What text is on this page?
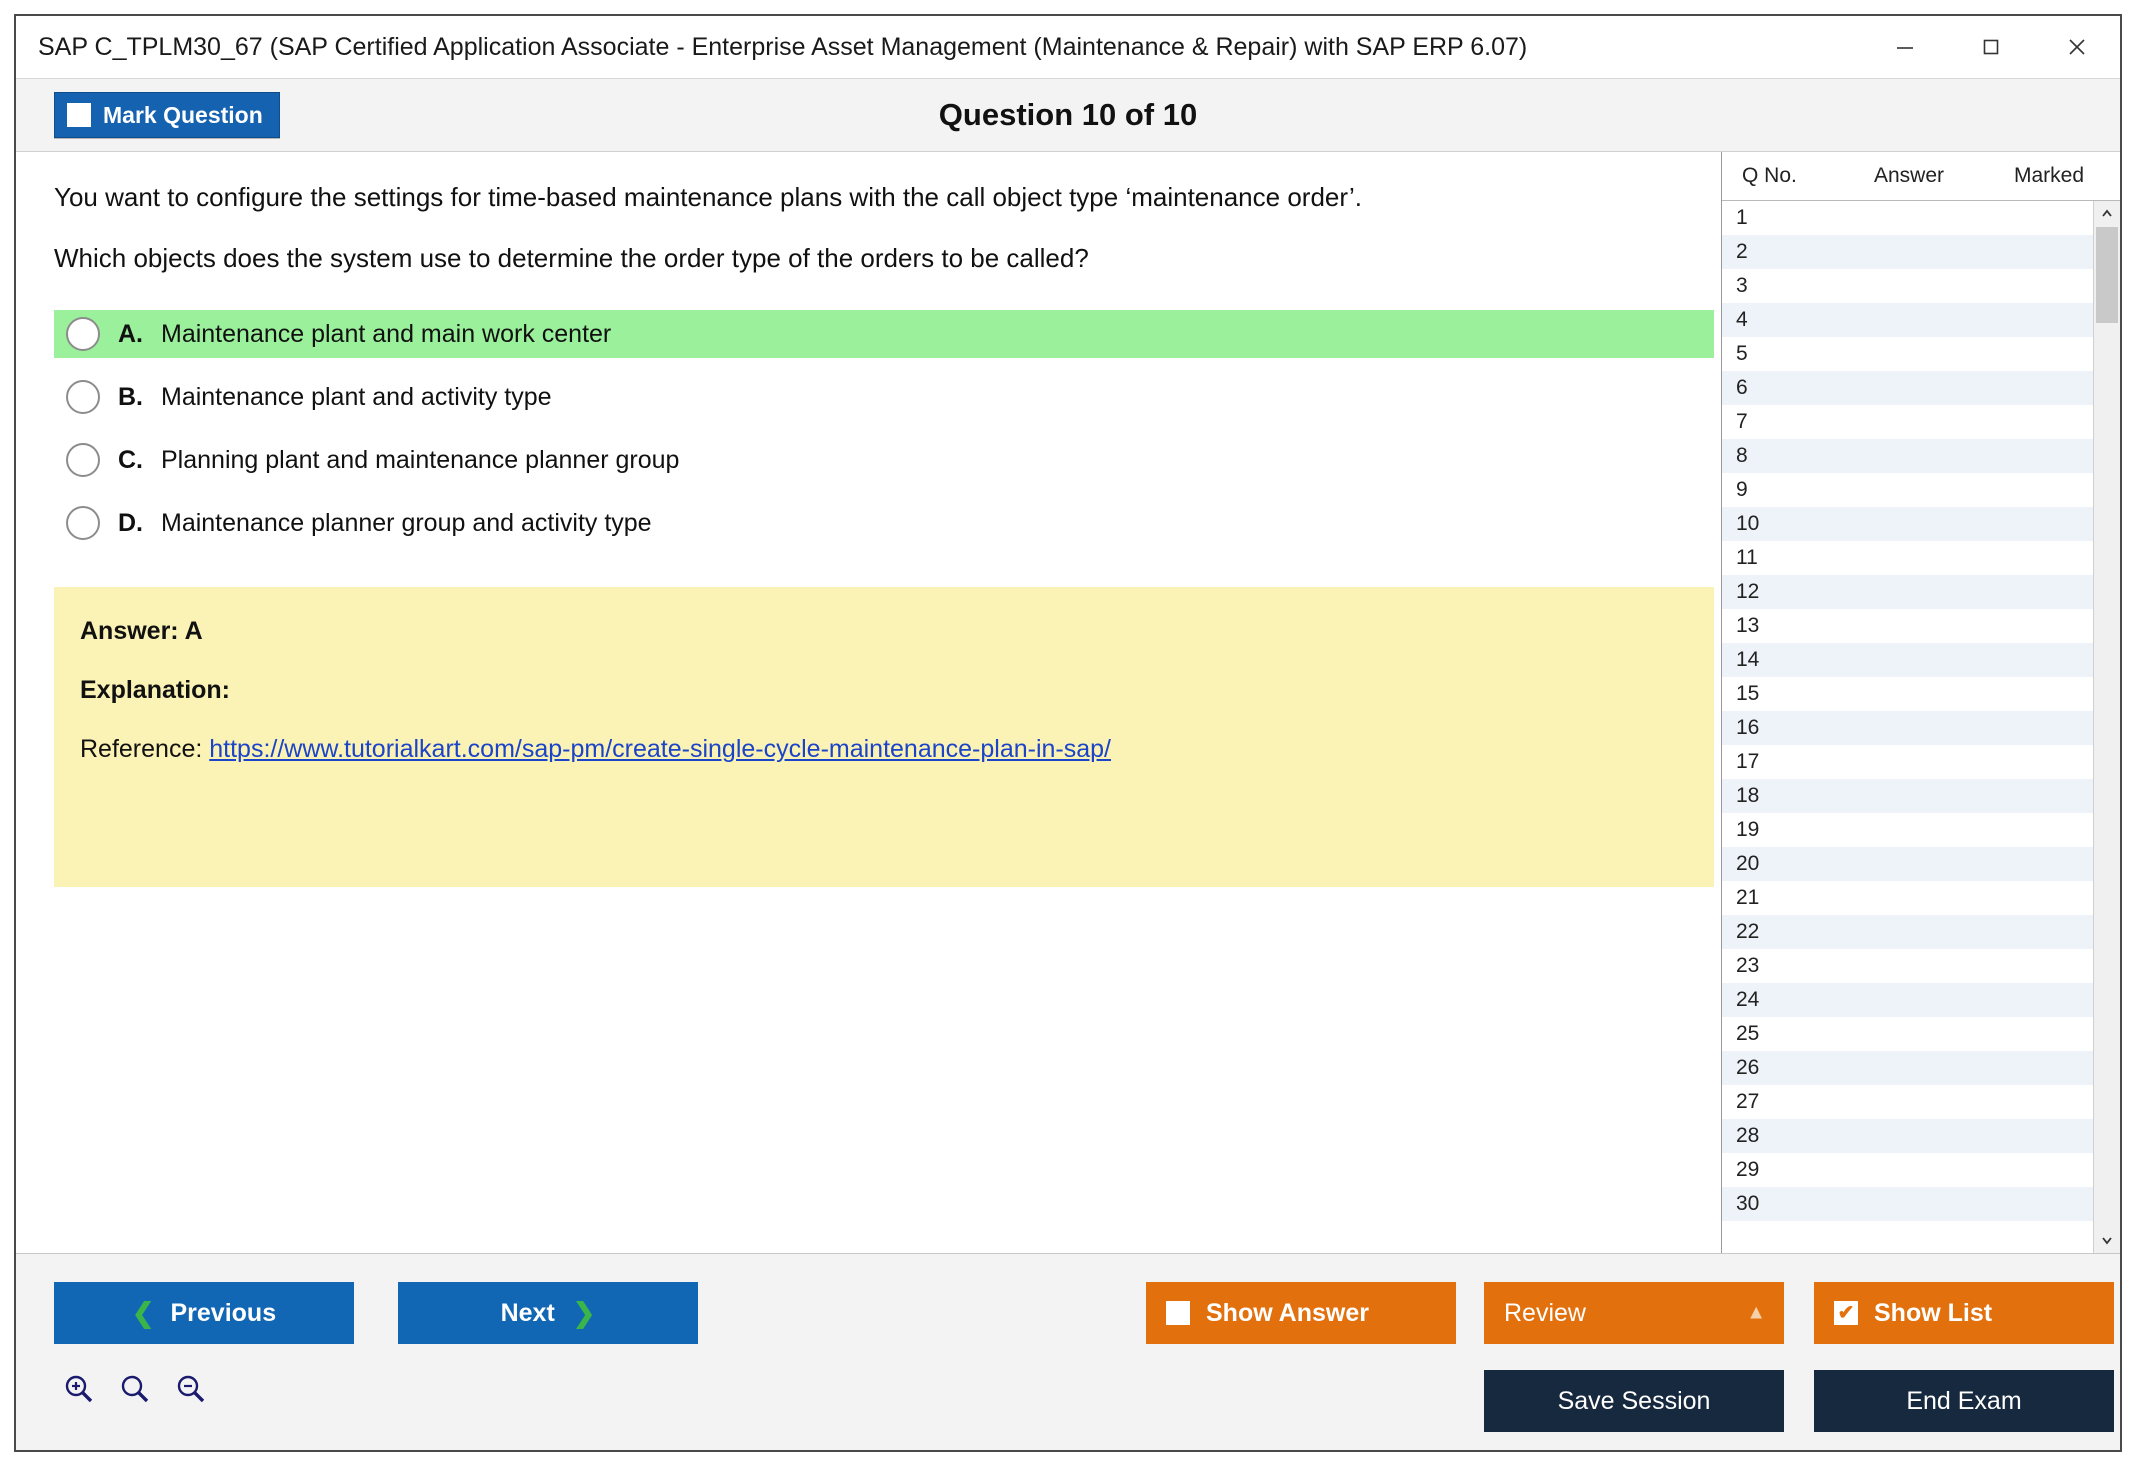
SAP C_TPLM30_67 (SAP Certified Application Associate - Enterprise Asset Management (Maintenance & Repair) with SAP ERP 6.07)
Mark Question	Question 10 of 10

You want to configure the settings for time-based maintenance plans with the call object type ‘maintenance order’.

Which objects does the system use to determine the order type of the orders to be called?

A. Maintenance plant and main work center
B. Maintenance plant and activity type
C. Planning plant and maintenance planner group
D. Maintenance planner group and activity type
Answer: A
Explanation:
Reference: https://www.tutorialkart.com/sap-pm/create-single-cycle-maintenance-plan-in-sap/
Q No.	Answer	Marked
1
2
3
4
5
6
7
8
9
10
11
12
13
14
15
16
17
18
19
20
21
22
23
24
25
26
27
28
29
30
❮ Previous	Next ❯	Show Answer	Review	▲	✔ Show List
Save Session	End Exam
